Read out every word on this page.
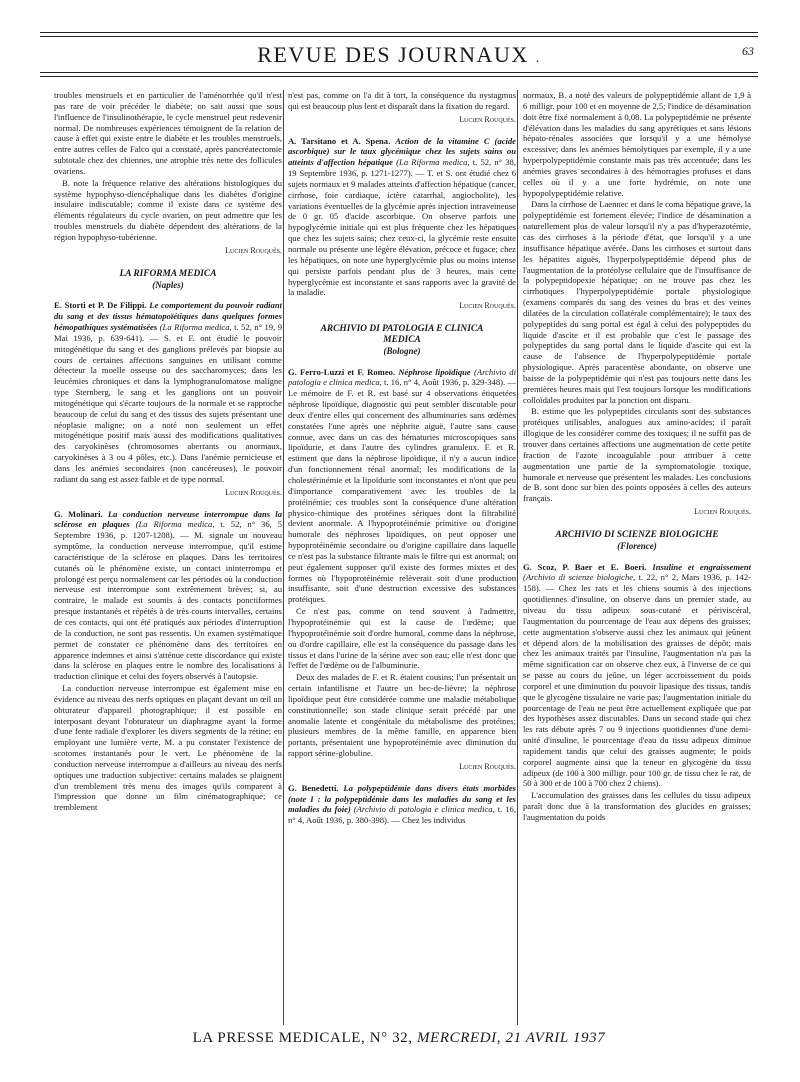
REVUE DES JOURNAUX .	63

troubles menstruels et en particulier de l'aménorrhée qu'il n'est pas rare de voir précéder le diabète; on sait aussi que sous l'influence de l'insulinothérapie, le cycle menstruel peut redevenir normal. De nombreuses expériences témoignent de la relation de cause à effet qui existe entre le diabète et les troubles menstruels, entre autres celles de Falco qui a constaté, après pancréatectomie subtotale chez des chiennes, une atrophie très nette des follicules ovariens.

B. note la fréquence relative des altérations histologiques du système hypophyso-diencéphalique dans les diabètes d'origine insulaire indiscutable; comme il existe dans ce système des éléments régulateurs du cycle ovarien, on peut admettre que les troubles menstruels du diabète dépendent des altérations de la région hypophyso-tubérienne.

Lucien Rouquès.
LA RIFORMA MEDICA
(Naples)

E. Storti et P. De Filippi. Le comportement du pouvoir radiant du sang et des tissus hématopoïétiques dans quelques formes hémopathiques systématisées (La Riforma medica, t. 52, n° 19, 9 Mai 1936, p. 639-641). — S. et F. ont étudié le pouvoir mitogénétique du sang et des ganglions prélevés par biopsie au cours de certaines affections sanguines en utilisant comme détecteur la moelle osseuse ou des saccharomyces; dans les leucémies chroniques et dans la lymphogranulomatose maligne type Sternberg, le sang et les ganglions ont un pouvoir mitogénétique qui s'écarte toujours de la normale et se rapproche beaucoup de celui du sang et des tissus des sujets présentant une néoplasie maligne; on a noté non seulement un effet mitogénétique positif mais aussi des modifications qualitatives des caryokinèses (chromosomes aberrants ou anormaux, caryokinèses à 3 ou 4 pôles, etc.). Dans l'anémie pernicieuse et dans les anémies secondaires (non cancéreuses), le pouvoir radiant du sang est assez faible et de type normal.

Lucien Rouquès.

G. Molinari. La conduction nerveuse interrompue dans la sclérose en plaques (La Riforma medica, t. 52, n° 36, 5 Septembre 1936, p. 1207-1208). — M. signale un nouveau symptôme, la conduction nerveuse interrompue, qu'il estime caractéristique de la sclérose en plaques. Dans les territoires cutanés où le phénomène existe, un contact ininterrompu et prolongé est perçu normalement car les périodes où la conduction nerveuse est interrompue sont extrêmement brèves; si, au contraire, le malade est soumis à des contacts ponctiformes presque instantanés et répétés à de très courts intervalles, certains de ces contacts, qui ont été pratiqués aux périodes d'interruption de la conduction, ne sont pas ressentis. Un examen systématique permet de constater ce phénomène dans des territoires en apparence indemnes et ainsi s'atténue cette discordance qui existe dans la sclérose en plaques entre le nombre des localisations à traduction clinique et celui des foyers observés à l'autopsie.

La conduction nerveuse interrompue est également mise en évidence au niveau des nerfs optiques en plaçant devant un œil un obturateur d'appareil photographique; il est possible en interposant devant l'obturateur un diaphragme ayant la forme d'une fente radiale d'explorer les divers segments de la rétine; en employant une lumière verte, M. a pu constater l'existence de scotomes instantanés pour le vert. Le phénomène de la conduction nerveuse interrompue a d'ailleurs au niveau des nerfs optiques une traduction subjective: certains malades se plaignent d'un tremblement très menu des images qu'ils comparent à l'impression que donne un film cinématographique; ce tremblement

n'est pas, comme on l'a dit à tort, la conséquence du nystagmus qui est beaucoup plus lent et disparaît dans la fixation du regard.

Lucien Rouquès.

A. Tarsitano et A. Spena. Action de la vitamine C (acide ascorbique) sur le taux glycémique chez les sujets sains ou atteints d'affection hépatique (La Riforma medica, t. 52, n° 38, 19 Septembre 1936, p. 1271-1277). — T. et S. ont étudié chez 6 sujets normaux et 9 malades atteints d'affection hépatique (cancer, cirrhose, foie cardiaque, ictère catarrhal, angiocholite), les variations éventuelles de la glycémie après injection intraveineuse de 0 gr. 05 d'acide ascorbique. On observe parfois une hypoglycémie initiale qui est plus fréquente chez les hépatiques que chez les sujets sains; chez ceux-ci, la glycémie reste ensuite normale ou présente une légère élévation, précoce et fugace; chez les hépatiques, on note une hyperglycémie plus ou moins intense qui persiste parfois pendant plus de 3 heures, mais cette hyperglycémie est inconstante et sans rapports avec la gravité de la maladie.

Lucien Rouquès.
ARCHIVIO DI PATOLOGIA E CLINICA MEDICA
(Bologne)

G. Ferro-Luzzi et F. Romeo. Néphrose lipoïdique (Archivio di patologia e clinica medica, t. 16, n° 4, Août 1936, p. 329-348). — Le mémoire de F. et R. est basé sur 4 observations étiquetées néphrose lipoïdique, diagnostic qui peut sembler discutable pour deux d'entre elles qui concernent des albuminuries sans œdèmes constatées l'une après une néphrite aiguë, l'autre sans cause connue, avec dans un cas des hématuries microscopiques sans lipoïdurie, et dans l'autre des cylindres granuleux. F. et R. estiment que dans la néphrose lipoïdique, il n'y a aucun indice d'un fonctionnement rénal anormal; les modifications de la cholestérinémie et la lipoïdurie sont inconstantes et n'ont que peu d'importance comparativement avec les troubles de la protéinémie; ces troubles sont la conséquence d'une altération physico-chimique des protéines sériques dont la filtrabilité devient anormale. A l'hypoprotéinémie primitive ou d'origine humorale des néphroses lipoïdiques, on peut opposer une hypoprotéinémie secondaire ou d'origine capillaire dans laquelle ce n'est pas la substance filtrante mais le filtre qui est anormal; on peut également supposer qu'il existe des formes mixtes et des formes où l'hypoprotéinémie relèverait soit d'une production insuffisante, soit d'une destruction excessive des substances protéiques.

Ce n'est pas, comme on tend souvent à l'admettre, l'hypoprotéinémie qui est la cause de l'œdème; que l'hypoprotéinémie soit d'ordre humoral, comme dans la néphrose, ou d'ordre capillaire, elle est la conséquence du passage dans les tissus et dans l'urine de la sérine avec son eau; elle n'est donc que l'effet de l'œdème ou de l'albuminurie.

Deux des malades de F. et R. étaient cousins; l'un présentait un certain infantilisme et l'autre un bec-de-lièvre; la néphrose lipoïdique peut être considérée comme une maladie métabolique constitutionnelle; son stade clinique serait précédé par une anomalie latente et congénitale du métabolisme des protéines; plusieurs membres de la même famille, en apparence bien portants, présentaient une hypoprotéinémie avec diminution du rapport sérine-globuline.

Lucien Rouquès.

G. Benedetti. La polypeptidémie dans divers états morbides (note I : la polypeptidémie dans les maladies du sang et les maladies du foie) (Archivio di patologia e clinica medica, t. 16, n° 4, Août 1936, p. 380-398). — Chez les individus

normaux, B. a noté des valeurs de polypeptidémie allant de 1,9 à 6 milligr. pour 100 et en moyenne de 2,5; l'indice de désamination doit être fixé normalement à 0,08. La polypeptidémie ne présente d'élévation dans les maladies du sang apyrétiques et sans lésions hépato-rénales associées que lorsqu'il y a une hémolyse excessive; dans les anémies hémolytiques par exemple, il y a une hyperpolypeptidémie constante mais pas très accentuée; dans les anémies graves secondaires à des hémorragies profuses et dans celles où il y a une forte hydrémie, on note une hypopolypeptidémie relative.

Dans la cirrhose de Laennec et dans le coma hépatique grave, la polypeptidémie est fortement élevée; l'indice de désamination a naturellement plus de valeur lorsqu'il n'y a pas d'hyperazotémie, cas des cirrhoses à la période d'état, que lorsqu'il y a une insuffisance hépatique avérée. Dans les cirrhoses et surtout dans les hépatites aiguës, l'hyperpolypeptidémie dépend plus de l'augmentation de la protéolyse cellulaire que de l'insuffisance de la polypeptidopexie hépatique; on ne trouve pas chez les cirrhotiques l'hyperpolypeptidémie portale physiologique (examens comparés du sang des veines du bras et des veines dilatées de la circulation collatérale complémentaire); le taux des polypeptides du sang portal est égal à celui des polypeptides du liquide d'ascite et il est probable que c'est le passage des polypeptides du sang portal dans le liquide d'ascite qui est la cause de l'absence de l'hyperpolypeptidémie portale physiologique. Après paracentèse abondante, on observe une baisse de la polypeptidémie qui n'est pas toujours nette dans les premières heures mais qui l'est toujours lorsque les modifications colloïdales produites par la ponction ont disparu.

B. estime que les polypeptides circulants sont des substances protéiques utilisables, analogues aux amino-acides; il paraît illogique de les considérer comme des toxiques; il ne suffit pas de trouver dans certaines affections une augmentation de cette petite fraction de l'azote incoagulable pour attribuer à cette augmentation une partie de la symptomatologie toxique, humorale et nerveuse que présentent les malades. Les conclusions de B. sont donc sur bien des points opposées à celles des auteurs français.

Lucien Rouquès.
ARCHIVIO DI SCIENZE BIOLOGICHE
(Florence)

G. Scoz, P. Baer et E. Boeri. Insuline et engraissement (Archivio di scienze biologiche, t. 22, n° 2, Mars 1936, p. 142-158). — Chez les rats et les chiens soumis à des injections quotidiennes d'insuline, on observe dans un premier stade, au niveau du tissu adipeux sous-cutané et périviscéral, l'augmentation du pourcentage de l'eau aux dépens des graisses; cette augmentation s'observe aussi chez les animaux qui jeûnent et dépend alors de la mobilisation des graisses de dépôt; mais chez les animaux traités par l'insuline, l'augmentation n'a pas la même signification car on observe chez eux, à l'inverse de ce qui se passe au cours du jeûne, un léger accroissement du poids corporel et une diminution du pouvoir lipasique des tissus, tandis que le glycogène tissulaire ne varie pas; l'augmentation initiale du pourcentage de l'eau ne peut être actuellement expliquée que par des hypothèses assez discutables. Dans un second stade qui chez les rats débute après 7 ou 9 injections quotidiennes d'une demi-unité d'insuline, le pourcentage d'eau du tissu adipeux diminue rapidement tandis que celui des graisses augmente; le poids corporel augmente ainsi que la teneur en glycogène du tissu adipeux (de 100 à 300 milligr. pour 100 gr. de tissu chez le rat, de 50 à 300 et de 100 à 700 chez 2 chiens).

L'accumulation des graisses dans les cellules du tissu adipeux paraît donc due à la transformation des glucides en graisses; l'augmentation du poids

LA PRESSE MEDICALE, N° 32, MERCREDI, 21 AVRIL 1937
